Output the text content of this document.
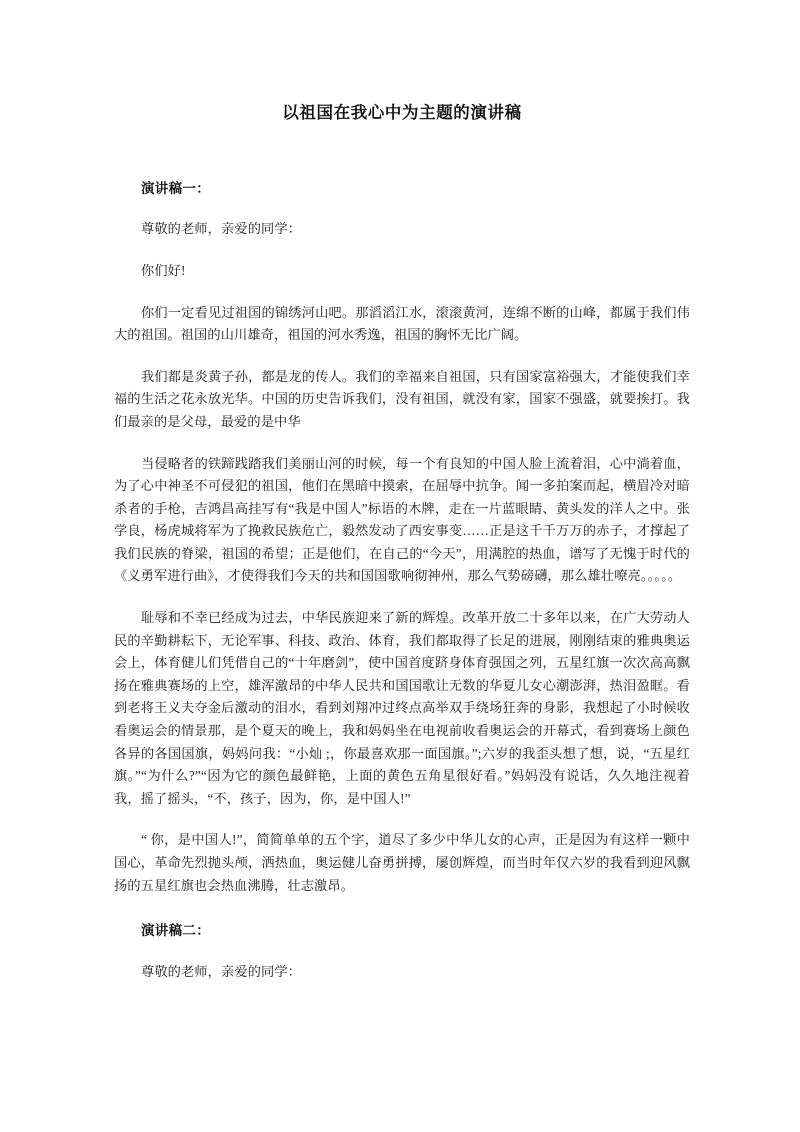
以祖国在我心中为主题的演讲稿
演讲稿一：

尊敬的老师，亲爱的同学：

你们好!

你们一定看见过祖国的锦绣河山吧。那滔滔江水，滚滚黄河，连绵不断的山峰，都属于我们伟大的祖国。祖国的山川雄奇，祖国的河水秀逸，祖国的胸怀无比广阔。

我们都是炎黄子孙，都是龙的传人。我们的幸福来自祖国，只有国家富裕强大，才能使我们幸福的生活之花永放光华。中国的历史告诉我们，没有祖国，就没有家，国家不强盛，就要挨打。我们最亲的是父母，最爱的是中华

当侵略者的铁蹄践踏我们美丽山河的时候，每一个有良知的中国人脸上流着泪，心中淌着血，为了心中神圣不可侵犯的祖国，他们在黑暗中摸索，在屈辱中抗争。闻一多拍案而起，横眉冷对暗杀者的手枪，吉鸿昌高挂写有“我是中国人”标语的木牌，走在一片蓝眼睛、黄头发的洋人之中。张学良，杨虎城将军为了挽救民族危亡，毅然发动了西安事变……正是这千千万万的赤子，才撑起了我们民族的脊梁，祖国的希望；正是他们，在自己的“今天”，用满腔的热血，谱写了无愧于时代的《义勇军进行曲》，才使得我们今天的共和国国歌响彻神州，那么气势磅礴，那么雄壮嘹亮。。。。。

耻辱和不幸已经成为过去，中华民族迎来了新的辉煌。改革开放二十多年以来，在广大劳动人民的辛勤耕耘下，无论军事、科技、政治、体育，我们都取得了长足的进展，刚刚结束的雅典奥运会上，体育健儿们凭借自己的“十年磨剑”，使中国首度跻身体育强国之列，五星红旗一次次高高飘扬在雅典赛场的上空，雄浑激昂的中华人民共和国国歌让无数的华夏儿女心潮澎湃，热泪盈眶。看到老将王义夫夺金后激动的泪水，看到刘翔冲过终点高举双手绕场狂奔的身影，我想起了小时候收看奥运会的情景那，是个夏天的晚上，我和妈妈坐在电视前收看奥运会的开幕式，看到赛场上颜色各异的各国国旗，妈妈问我：“小灿 ;，你最喜欢那一面国旗。”;六岁的我歪头想了想，说，“五星红旗。”“为什么?”“因为它的颜色最鲜艳，上面的黄色五角星很好看。”妈妈没有说话，久久地注视着我，摇了摇头，“不，孩子，因为，你，是中国人!”

“ 你，是中国人!”，简简单单的五个字，道尽了多少中华儿女的心声，正是因为有这样一颗中国心，革命先烈抛头颅，洒热血，奥运健儿奋勇拼搏，屡创辉煌，而当时年仅六岁的我看到迎风飘扬的五星红旗也会热血沸腾，壮志激昂。

演讲稿二：

尊敬的老师，亲爱的同学：
